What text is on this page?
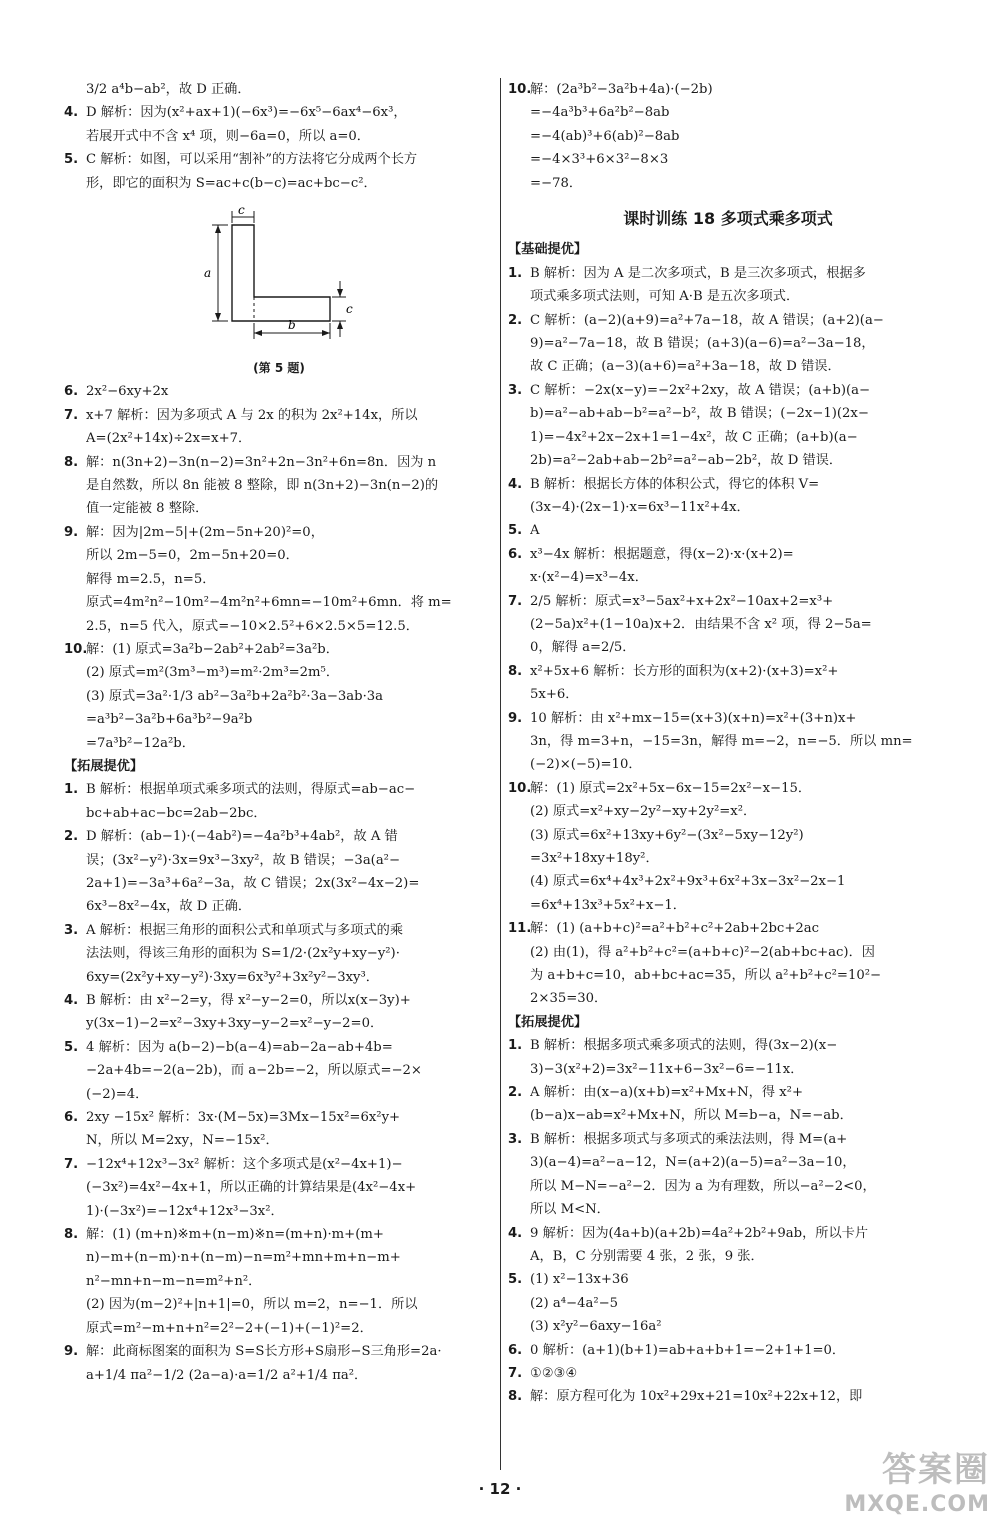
3/2 a⁴b−ab²，故 D 正确．
4. D 解析：因为(x²+ax+1)(−6x³)=−6x⁵−6ax⁴−6x³，
若展开式中不含 x⁴ 项，则−6a=0，所以 a=0．
5. C 解析：如图，可以采用“割补”的方法将它分成两个长方
形，即它的面积为 S=ac+c(b−c)=ac+bc−c²．
c
a
b
c
(第 5 题)
6. 2x²−6xy+2x
7. x+7 解析：因为多项式 A 与 2x 的积为 2x²+14x，所以
A=(2x²+14x)÷2x=x+7．
8. 解：n(3n+2)−3n(n−2)=3n²+2n−3n²+6n=8n．因为 n
是自然数，所以 8n 能被 8 整除，即 n(3n+2)−3n(n−2)的
值一定能被 8 整除．
9. 解：因为|2m−5|+(2m−5n+20)²=0，
所以 2m−5=0，2m−5n+20=0．
解得 m=2.5，n=5．
原式=4m²n²−10m²−4m²n²+6mn=−10m²+6mn．将 m=
2.5，n=5 代入，原式=−10×2.5²+6×2.5×5=12.5．
10.
解：(1) 原式=3a²b−2ab²+2ab²=3a²b．
(2) 原式=m²(3m³−m³)=m²·2m³=2m⁵．
(3) 原式=3a²·1/3 ab²−3a²b+2a²b²·3a−3ab·3a
=a³b²−3a²b+6a³b²−9a²b
=7a³b²−12a²b．
【拓展提优】
1. B 解析：根据单项式乘多项式的法则，得原式=ab−ac−
bc+ab+ac−bc=2ab−2bc．
2. D 解析：(ab−1)·(−4ab²)=−4a²b³+4ab²，故 A 错
误；(3x²−y²)·3x=9x³−3xy²，故 B 错误；−3a(a²−
2a+1)=−3a³+6a²−3a，故 C 错误；2x(3x²−4x−2)=
6x³−8x²−4x，故 D 正确．
3. A 解析：根据三角形的面积公式和单项式与多项式的乘
法法则，得该三角形的面积为 S=1/2·(2x²y+xy−y²)·
6xy=(2x²y+xy−y²)·3xy=6x³y²+3x²y²−3xy³．
4. B 解析：由 x²−2=y，得 x²−y−2=0，所以x(x−3y)+
y(3x−1)−2=x²−3xy+3xy−y−2=x²−y−2=0．
5. 4 解析：因为 a(b−2)−b(a−4)=ab−2a−ab+4b=
−2a+4b=−2(a−2b)，而 a−2b=−2，所以原式=−2×
(−2)=4．
6. 2xy −15x² 解析：3x·(M−5x)=3Mx−15x²=6x²y+
N，所以 M=2xy，N=−15x²．
7. −12x⁴+12x³−3x² 解析：这个多项式是(x²−4x+1)−
(−3x²)=4x²−4x+1，所以正确的计算结果是(4x²−4x+
1)·(−3x²)=−12x⁴+12x³−3x²．
8. 解：(1) (m+n)※m+(n−m)※n=(m+n)·m+(m+
n)−m+(n−m)·n+(n−m)−n=m²+mn+m+n−m+
n²−mn+n−m−n=m²+n²．
(2) 因为(m−2)²+|n+1|=0，所以 m=2，n=−1．所以
原式=m²−m+n+n²=2²−2+(−1)+(−1)²=2．
9. 解：此商标图案的面积为 S=S长方形+S扇形−S三角形=2a·
a+1/4 πa²−1/2 (2a−a)·a=1/2 a²+1/4 πa²．
10.
解：(2a³b²−3a²b+4a)·(−2b)
=−4a³b³+6a²b²−8ab
=−4(ab)³+6(ab)²−8ab
=−4×3³+6×3²−8×3
=−78．
课时训练 18 多项式乘多项式
【基础提优】
1. B 解析：因为 A 是二次多项式，B 是三次多项式，根据多
项式乘多项式法则，可知 A·B 是五次多项式．
2. C 解析：(a−2)(a+9)=a²+7a−18，故 A 错误；(a+2)(a−
9)=a²−7a−18，故 B 错误；(a+3)(a−6)=a²−3a−18，
故 C 正确；(a−3)(a+6)=a²+3a−18，故 D 错误．
3. C 解析：−2x(x−y)=−2x²+2xy，故 A 错误；(a+b)(a−
b)=a²−ab+ab−b²=a²−b²，故 B 错误；(−2x−1)(2x−
1)=−4x²+2x−2x+1=1−4x²，故 C 正确；(a+b)(a−
2b)=a²−2ab+ab−2b²=a²−ab−2b²，故 D 错误．
4. B 解析：根据长方体的体积公式，得它的体积 V=
(3x−4)·(2x−1)·x=6x³−11x²+4x．
5. A
6. x³−4x 解析：根据题意，得(x−2)·x·(x+2)=
x·(x²−4)=x³−4x．
7. 2/5 解析：原式=x³−5ax²+x+2x²−10ax+2=x³+
(2−5a)x²+(1−10a)x+2．由结果不含 x² 项，得 2−5a=
0，解得 a=2/5．
8. x²+5x+6 解析：长方形的面积为(x+2)·(x+3)=x²+
5x+6．
9. 10 解析：由 x²+mx−15=(x+3)(x+n)=x²+(3+n)x+
3n，得 m=3+n，−15=3n，解得 m=−2，n=−5．所以 mn=
(−2)×(−5)=10．
10.
解：(1) 原式=2x²+5x−6x−15=2x²−x−15．
(2) 原式=x²+xy−2y²−xy+2y²=x²．
(3) 原式=6x²+13xy+6y²−(3x²−5xy−12y²)
=3x²+18xy+18y²．
(4) 原式=6x⁴+4x³+2x²+9x³+6x²+3x−3x²−2x−1
=6x⁴+13x³+5x²+x−1．
11.
解：(1) (a+b+c)²=a²+b²+c²+2ab+2bc+2ac
(2) 由(1)，得 a²+b²+c²=(a+b+c)²−2(ab+bc+ac)．因
为 a+b+c=10，ab+bc+ac=35，所以 a²+b²+c²=10²−
2×35=30．
【拓展提优】
1. B 解析：根据多项式乘多项式的法则，得(3x−2)(x−
3)−3(x²+2)=3x²−11x+6−3x²−6=−11x．
2. A 解析：由(x−a)(x+b)=x²+Mx+N，得 x²+
(b−a)x−ab=x²+Mx+N，所以 M=b−a，N=−ab．
3. B 解析：根据多项式与多项式的乘法法则，得 M=(a+
3)(a−4)=a²−a−12，N=(a+2)(a−5)=a²−3a−10，
所以 M−N=−a²−2．因为 a 为有理数，所以−a²−2<0，
所以 M<N．
4. 9 解析：因为(4a+b)(a+2b)=4a²+2b²+9ab，所以卡片
A，B，C 分别需要 4 张，2 张，9 张．
5. (1) x²−13x+36
(2) a⁴−4a²−5
(3) x²y²−6axy−16a²
6. 0 解析：(a+1)(b+1)=ab+a+b+1=−2+1+1=0．
7. ①②③④
8. 解：原方程可化为 10x²+29x+21=10x²+22x+12，即
· 12 ·	答案圈
MXQE.COM
